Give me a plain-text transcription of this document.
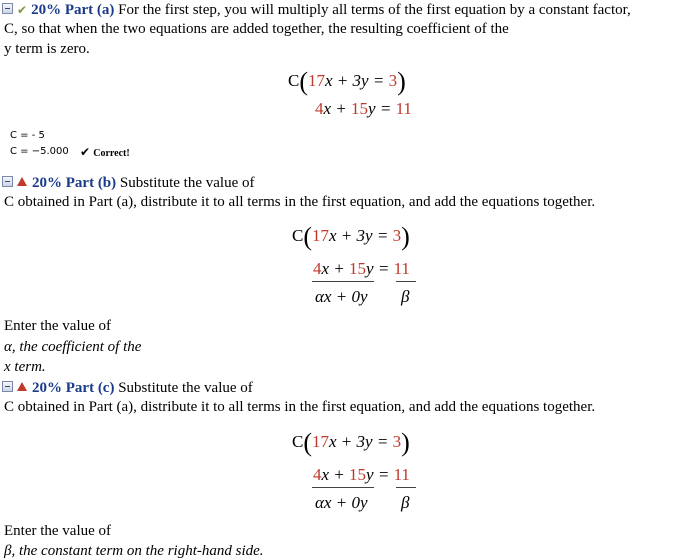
✔ 20% Part (a) For the first step, you will multiply all terms of the first equation by a constant factor,
C, so that when the two equations are added together, the resulting coefficient of the
y term is zero.
C(17x + 3y = 3)
4x + 15y = 11
C = - 5
C = −5.000 ✔ Correct!
20% Part (b) Substitute the value of
C obtained in Part (a), distribute it to all terms in the first equation, and add the equations together.
C(17x + 3y = 3)
4x + 15y = 11
αx + 0y β
Enter the value of
α, the coefficient of the
x term.
20% Part (c) Substitute the value of
C obtained in Part (a), distribute it to all terms in the first equation, and add the equations together.
C(17x + 3y = 3)
4x + 15y = 11
αx + 0y β
Enter the value of
β, the constant term on the right-hand side.
